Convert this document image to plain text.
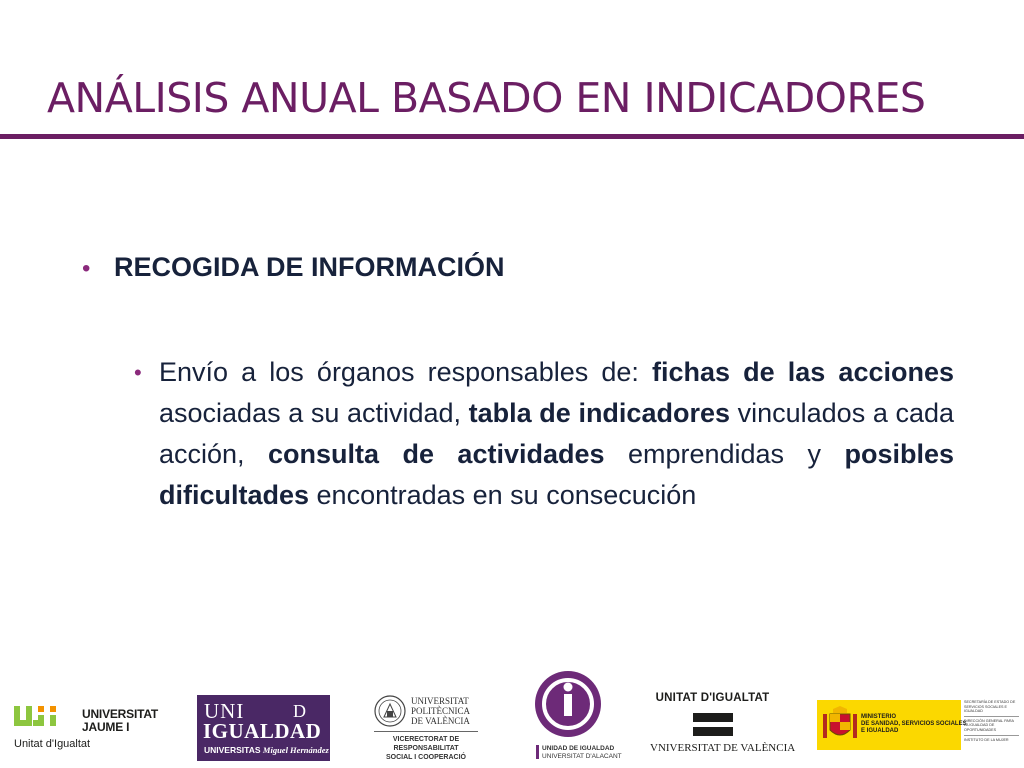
ANÁLISIS ANUAL BASADO EN INDICADORES
• RECOGIDA DE INFORMACIÓN
• Envío a los órganos responsables de: fichas de las acciones asociadas a su actividad, tabla de indicadores vinculados a cada acción, consulta de actividades emprendidas y posibles dificultades encontradas en su consecución
UNIVERSITAT
JAUME I
Unitat d'Igualtat
UNI	D
IGUALDAD
UNIVERSITAS Miguel Hernández
UNIVERSITAT
POLITÈCNICA
DE VALÈNCIA
VICERECTORAT DE RESPONSABILITAT
SOCIAL I COOPERACIÓ
UNIDAD DE IGUALDAD
UNIVERSITAT D'ALACANT
UNITAT D'IGUALTAT
VNIVERSITAT DE VALÈNCIA
MINISTERIO
DE SANIDAD, SERVICIOS SOCIALES
E IGUALDAD
SECRETARÍA DE ESTADO DE SERVICIOS SOCIALES E IGUALDAD
DIRECCIÓN GENERAL PARA LA IGUALDAD DE OPORTUNIDADES
INSTITUTO DE LA MUJER
